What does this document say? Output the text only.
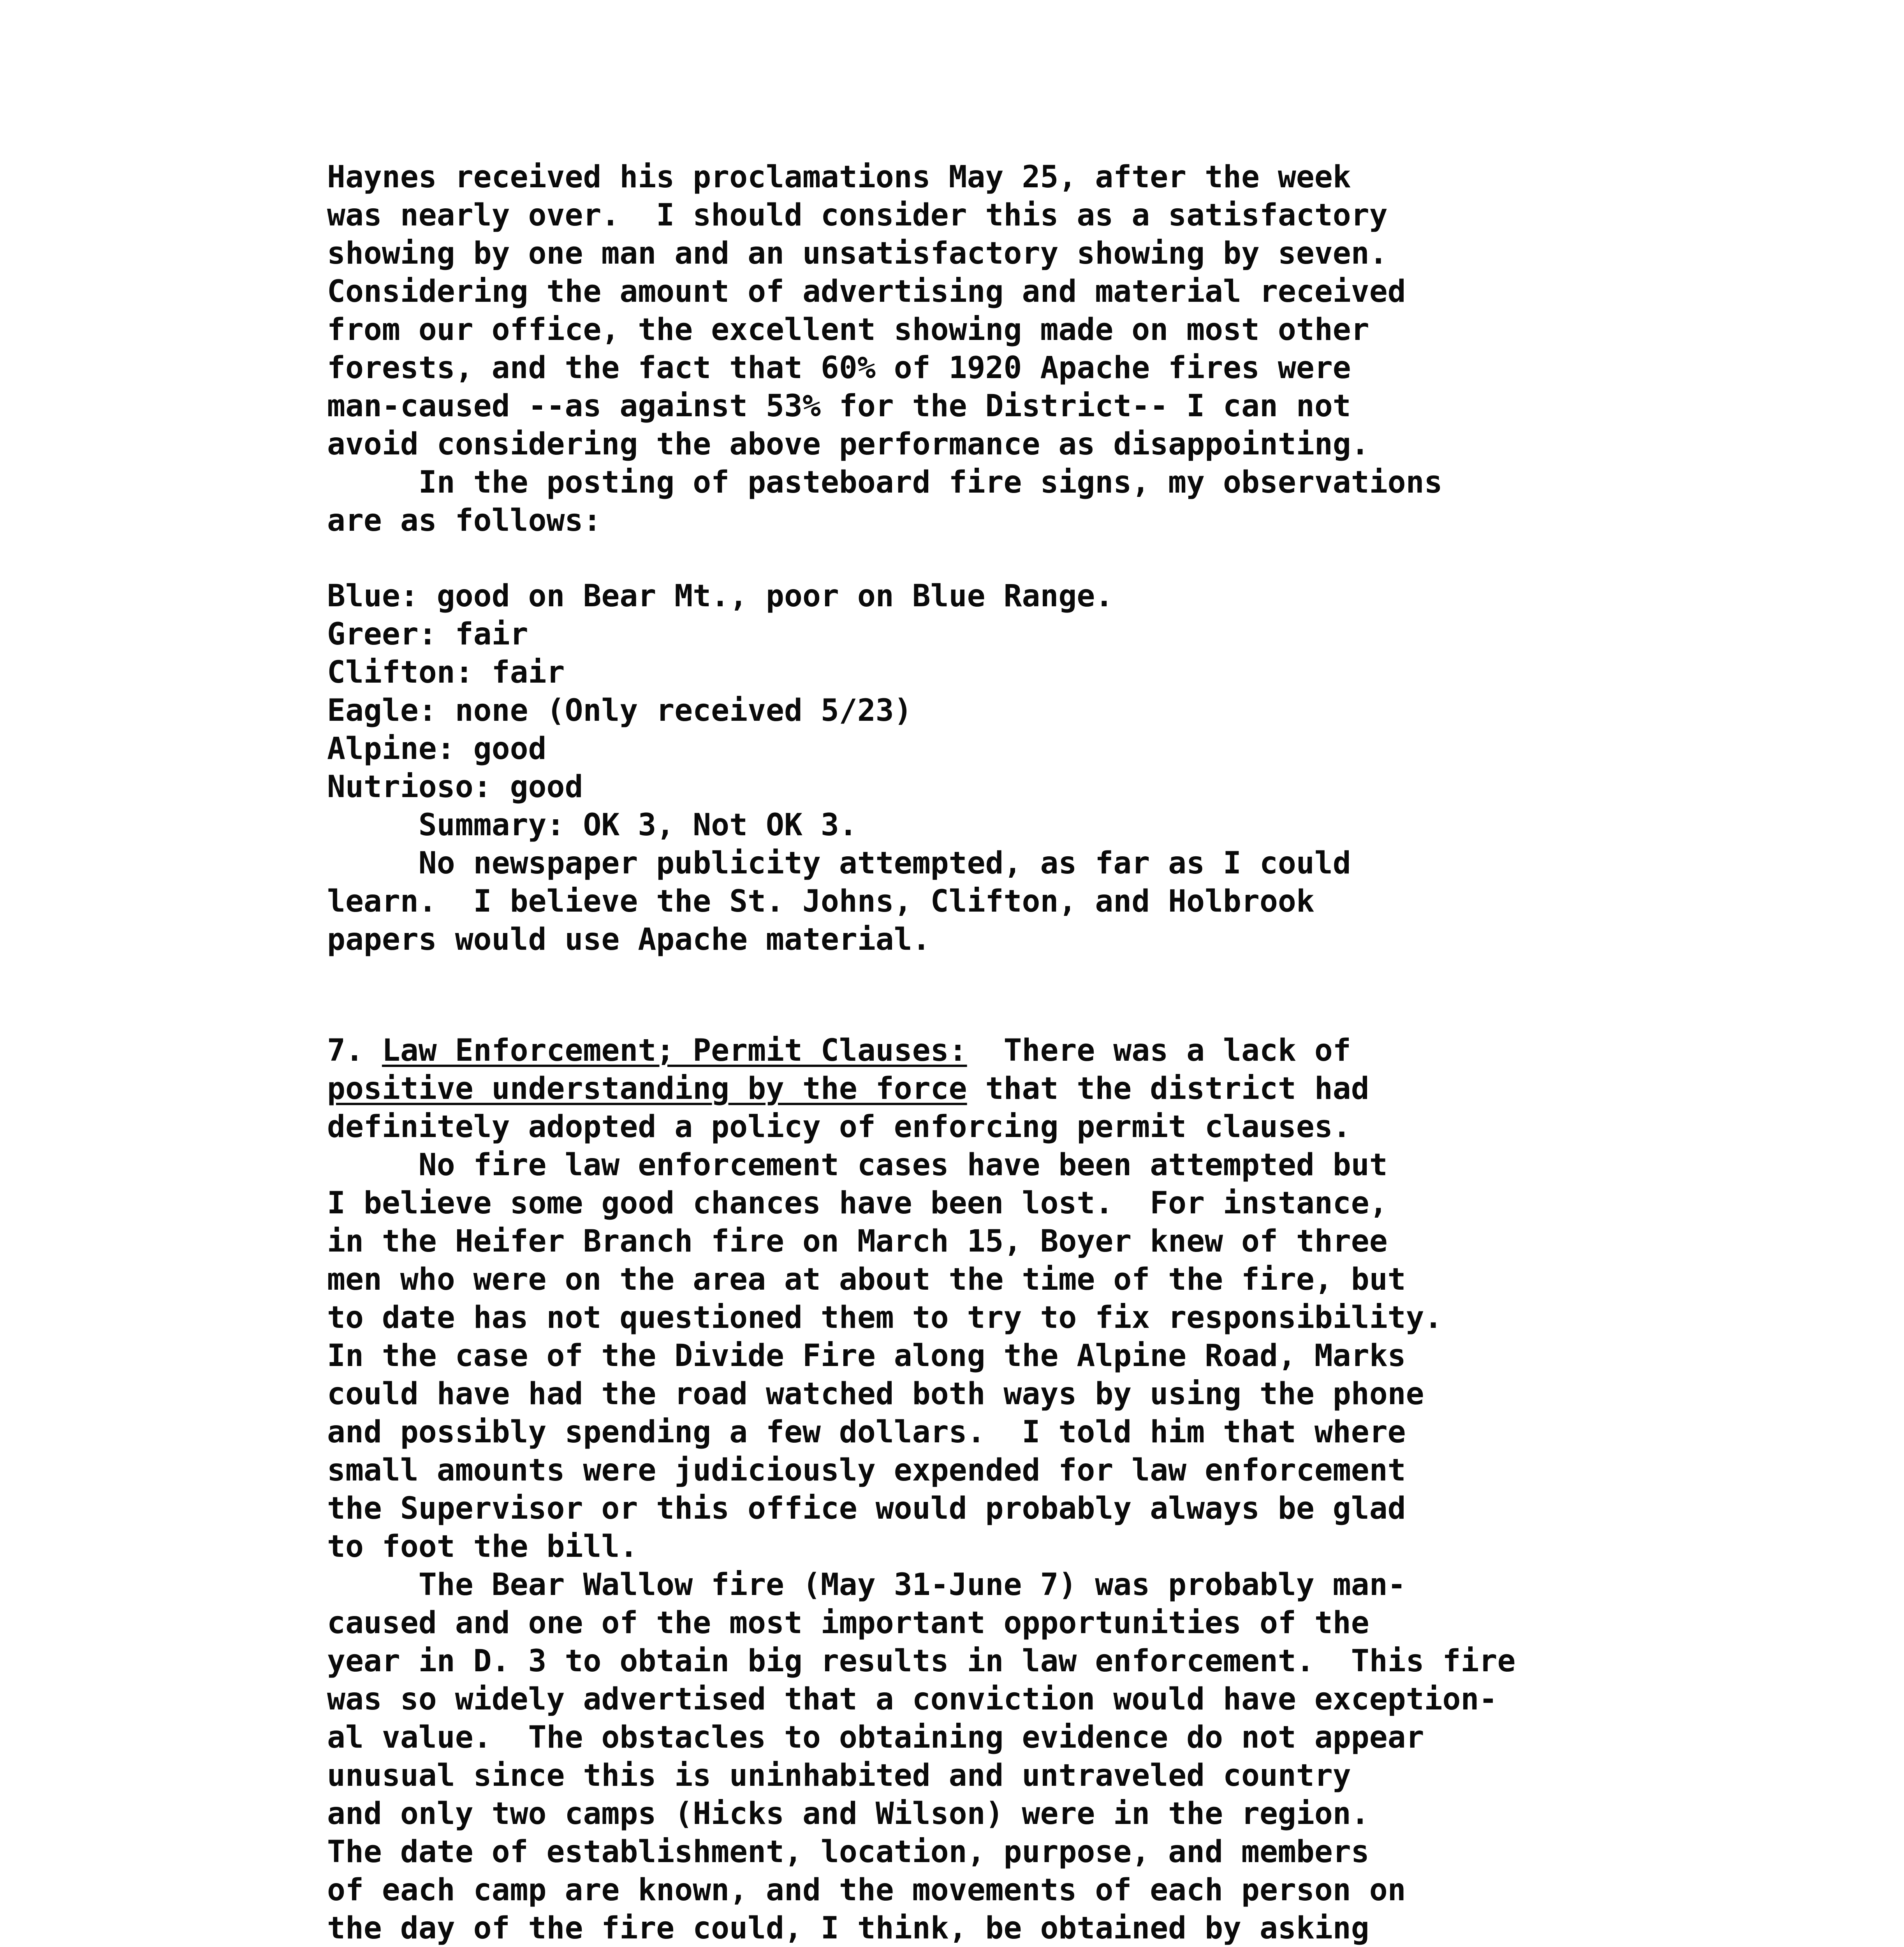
Haynes received his proclamations May 25, after the week
was nearly over.  I should consider this as a satisfactory
showing by one man and an unsatisfactory showing by seven.
Considering the amount of advertising and material received
from our office, the excellent showing made on most other
forests, and the fact that 60% of 1920 Apache fires were
man-caused --as against 53% for the District-- I can not
avoid considering the above performance as disappointing.
In the posting of pasteboard fire signs, my observations
are as follows:
Blue: good on Bear Mt., poor on Blue Range.
Greer: fair
Clifton: fair
Eagle: none (Only received 5/23)
Alpine: good
Nutrioso: good
Summary: OK 3, Not OK 3.
No newspaper publicity attempted, as far as I could
learn.  I believe the St. Johns, Clifton, and Holbrook
papers would use Apache material.
7. Law Enforcement; Permit Clauses:  There was a lack of
positive understanding by the force that the district had
definitely adopted a policy of enforcing permit clauses.
No fire law enforcement cases have been attempted but
I believe some good chances have been lost.  For instance,
in the Heifer Branch fire on March 15, Boyer knew of three
men who were on the area at about the time of the fire, but
to date has not questioned them to try to fix responsibility.
In the case of the Divide Fire along the Alpine Road, Marks
could have had the road watched both ways by using the phone
and possibly spending a few dollars.  I told him that where
small amounts were judiciously expended for law enforcement
the Supervisor or this office would probably always be glad
to foot the bill.
The Bear Wallow fire (May 31-June 7) was probably man-
caused and one of the most important opportunities of the
year in D. 3 to obtain big results in law enforcement.  This fire
was so widely advertised that a conviction would have exception-
al value.  The obstacles to obtaining evidence do not appear
unusual since this is uninhabited and untraveled country
and only two camps (Hicks and Wilson) were in the region.
The date of establishment, location, purpose, and members
of each camp are known, and the movements of each person on
the day of the fire could, I think, be obtained by asking
